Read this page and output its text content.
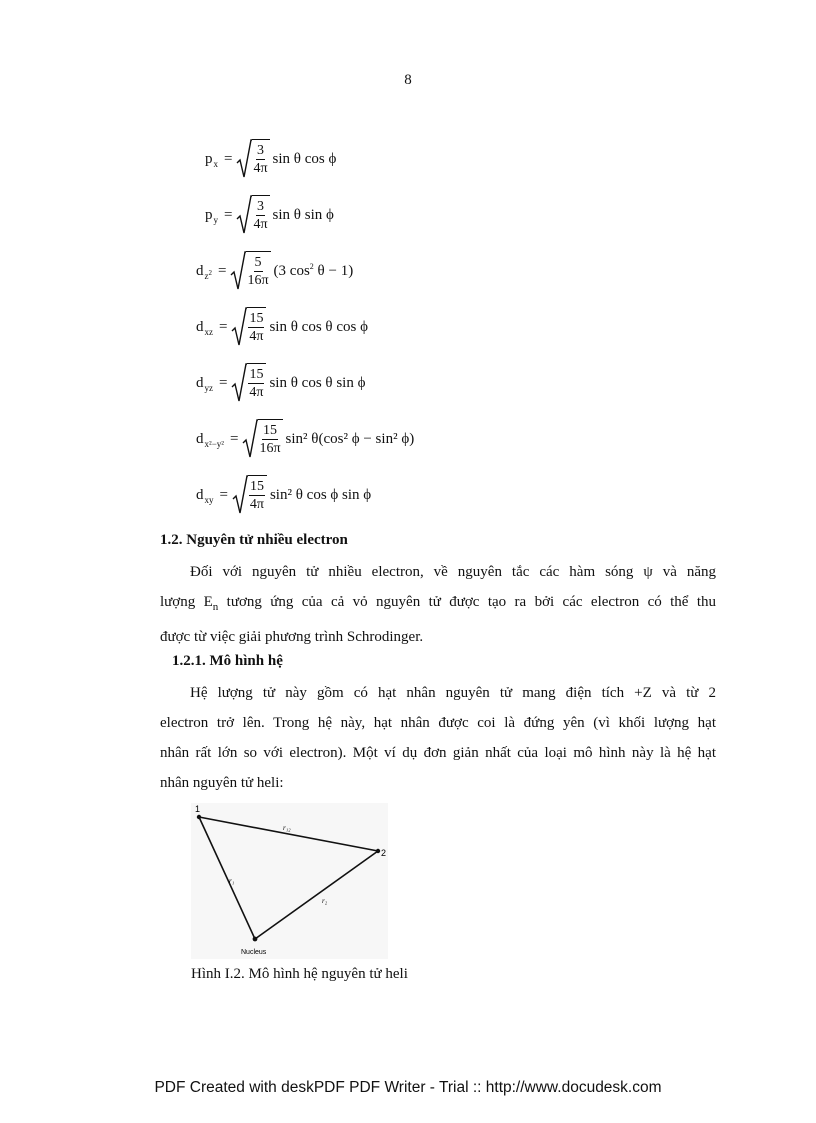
8
p $x = \frac{3}{4\pi}$ sin θ cos ϕ
p $y = \frac{3}{4\pi}$ sin θ sin ϕ
d $z^2 = \frac{5}{16\pi} (3$ $\cos^2 \theta - 1$)
d xz = $\frac{15}{4\pi}$ sin θ cos θ cos ϕ
d yz = $\frac{15}{4\pi}$ sin θ cos θ sin ϕ
d $x^2-y^2 = \frac{15}{16\pi} \sin^2$ θ(cos² ϕ − sin² ϕ)
d xy = $\frac{15}{4\pi} \sin^2$ θ cos ϕ sin ϕ
1.2. Nguyên tử nhiều electron
Đối với nguyên tử nhiều electron, về nguyên tắc các hàm sóng ψ và năng
lượng $E_n$ tương ứng của cả vỏ nguyên tử được tạo ra bởi các electron có thể thu
được từ việc giải phương trình Schrodinger.
1.2.1. Mô hình hệ
Hệ lượng tử này gồm có hạt nhân nguyên tử mang điện tích +Z và từ 2
electron trở lên. Trong hệ này, hạt nhân được coi là đứng yên (vì khối lượng hạt
nhân rất lớn so với electron). Một ví dụ đơn giản nhất của loại mô hình này là hệ hạt
nhân nguyên tử heli:
1
2
r₁₂
r₁
r₂
Nucleus
Hình I.2. Mô hình hệ nguyên tử heli
PDF Created with deskPDF PDF Writer - Trial :: http://www.docudesk.com
